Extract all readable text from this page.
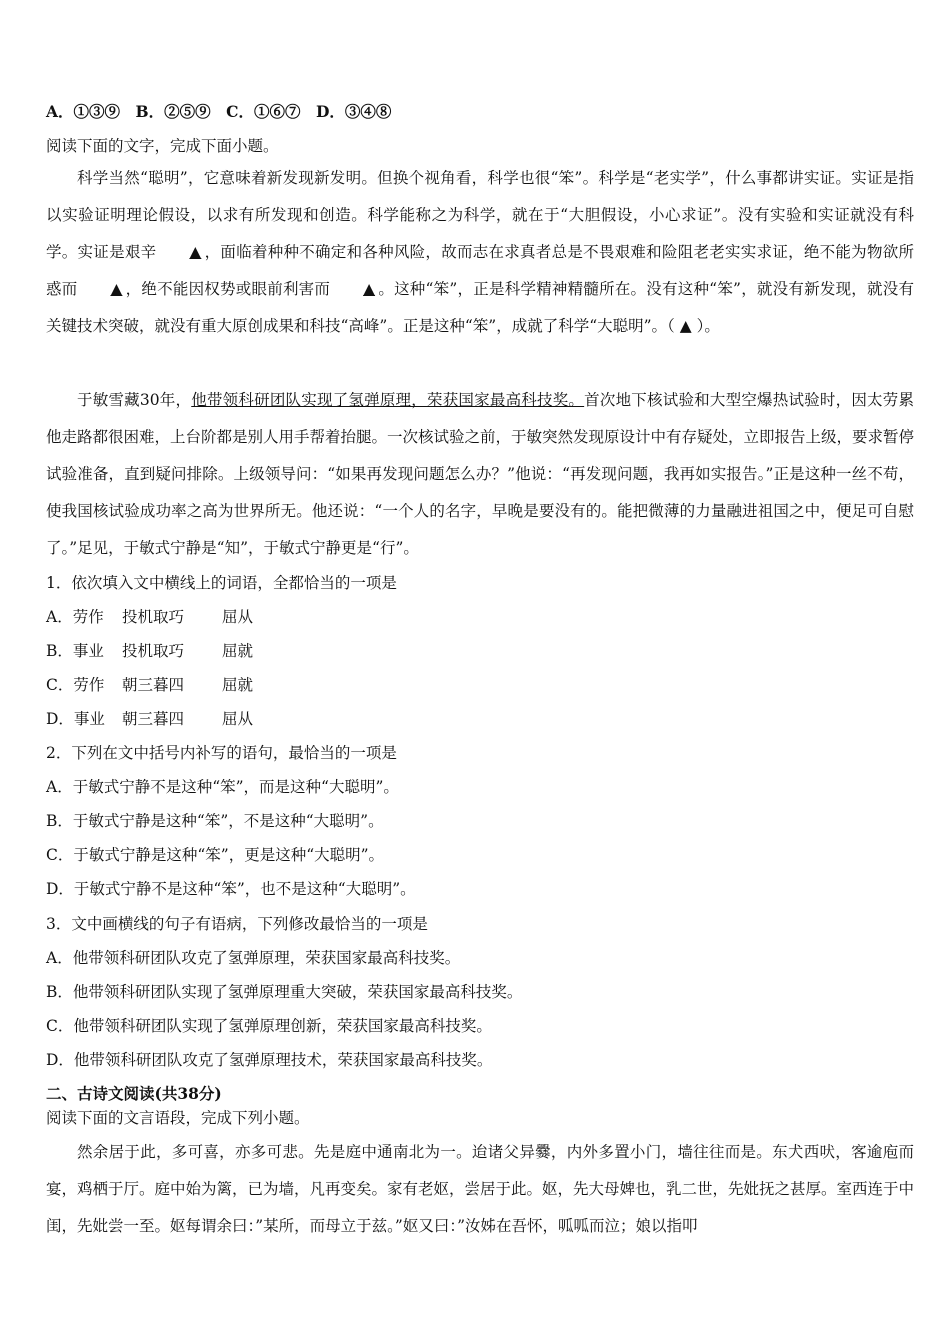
A．①③⑨　B．②⑤⑨　C．①⑥⑦　D．③④⑧
阅读下面的文字，完成下面小题。
科学当然“聪明”，它意味着新发现新发明。但换个视角看，科学也很“笨”。科学是“老实学”，什么事都讲实证。实证是指以实验证明理论假设，以求有所发现和创造。科学能称之为科学，就在于“大胆假设，小心求证”。没有实验和实证就没有科学。实证是艰辛 ▲ ，面临着种种不确定和各种风险，故而志在求真者总是不畏艰难和险阻老老实实求证，绝不能为物欲所惑而 ▲ ，绝不能因权势或眼前利害而 ▲ 。这种“笨”，正是科学精神精髓所在。没有这种“笨”，就没有新发现，就没有关键技术突破，就没有重大原创成果和科技“高峰”。正是这种“笨”，成就了科学“大聪明”。（ ▲ ）。
于敏雪藏30年，他带领科研团队实现了氢弹原理，荣获国家最高科技奖。首次地下核试验和大型空爆热试验时，因太劳累他走路都很困难，上台阶都是别人用手帮着抬腿。一次核试验之前，于敏突然发现原设计中有存疑处，立即报告上级，要求暂停试验准备，直到疑问排除。上级领导问：“如果再发现问题怎么办？”他说：“再发现问题，我再如实报告。”正是这种一丝不苟，使我国核试验成功率之高为世界所无。他还说：“一个人的名字，早晚是要没有的。能把微薄的力量融进祖国之中，便足可自慰了。”足见，于敏式宁静是“知”，于敏式宁静更是“行”。
1．依次填入文中横线上的词语，全都恰当的一项是
A．劳作 投机取巧 屈从
B．事业 投机取巧 屈就
C．劳作 朝三暮四 屈就
D．事业 朝三暮四 屈从
2．下列在文中括号内补写的语句，最恰当的一项是
A．于敏式宁静不是这种“笨”，而是这种“大聪明”。
B．于敏式宁静是这种“笨”，不是这种“大聪明”。
C．于敏式宁静是这种“笨”，更是这种“大聪明”。
D．于敏式宁静不是这种“笨”，也不是这种“大聪明”。
3．文中画横线的句子有语病，下列修改最恰当的一项是
A．他带领科研团队攻克了氢弹原理，荣获国家最高科技奖。
B．他带领科研团队实现了氢弹原理重大突破，荣获国家最高科技奖。
C．他带领科研团队实现了氢弹原理创新，荣获国家最高科技奖。
D．他带领科研团队攻克了氢弹原理技术，荣获国家最高科技奖。
二、古诗文阅读(共38分)
阅读下面的文言语段，完成下列小题。
然余居于此，多可喜，亦多可悲。先是庭中通南北为一。迨诸父异爨，内外多置小门，墙往往而是。东犬西吠，客逾庖而宴，鸡栖于厅。庭中始为篱，已为墙，凡再变矣。家有老妪，尝居于此。妪，先大母婢也，乳二世，先妣抚之甚厚。室西连于中闺，先妣尝一至。妪每谓余曰：”某所，而母立于兹。”妪又曰：”汝姊在吾怀，呱呱而泣；娘以指叩
